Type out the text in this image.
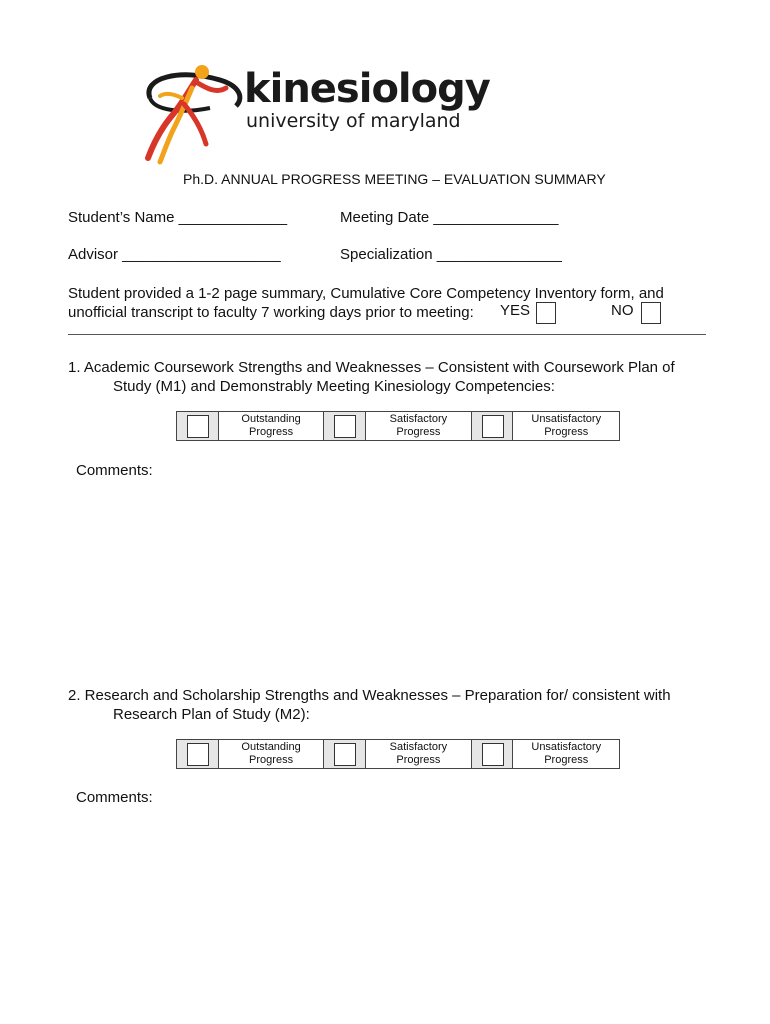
kinesiology
university of maryland
Ph.D. ANNUAL PROGRESS MEETING – EVALUATION SUMMARY
Student’s Name _____________	Meeting Date _______________
Advisor ___________________	Specialization _______________
Student provided a 1-2 page summary, Cumulative Core Competency Inventory form, and
unofficial transcript to faculty 7 working days prior to meeting: YES	NO
1. Academic Coursework Strengths and Weaknesses – Consistent with Coursework Plan of
Study (M1) and Demonstrably Meeting Kinesiology Competencies:
Outstanding
Progress
Satisfactory
Progress
Unsatisfactory
Progress
Comments:
2. Research and Scholarship Strengths and Weaknesses – Preparation for/ consistent with
Research Plan of Study (M2):
Outstanding
Progress
Satisfactory
Progress
Unsatisfactory
Progress
Comments:
